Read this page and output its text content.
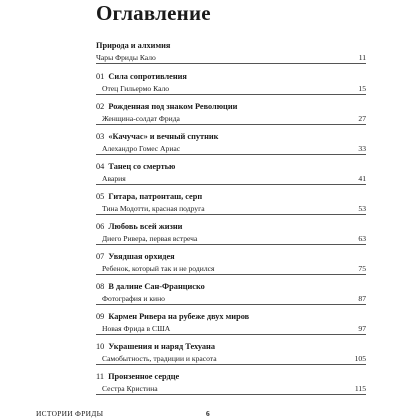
Оглавление
Природа и алхимия
Чары Фриды Кало	11
01 Сила сопротивления
Отец Гильермо Кало	15
02 Рожденная под знаком Революции
Женщина-солдат Фрида	27
03 «Качучас» и вечный спутник
Алехандро Гомес Ариас	33
04 Танец со смертью
Авария	41
05 Гитара, патронташ, серп
Тина Модотти, красная подруга	53
06 Любовь всей жизни
Диего Ривера, первая встреча	63
07 Увядшая орхидея
Ребенок, который так и не родился	75
08 В далине Сан-Франциско
Фотография и кино	87
09 Кармен Ривера на рубеже двух миров
Новая Фрида в США	97
10 Украшения и наряд Техуана
Самобытность, традиции и красота	105
11 Пронзенное сердце
Сестра Кристина	115
ИСТОРИИ ФРИДЫ	6
